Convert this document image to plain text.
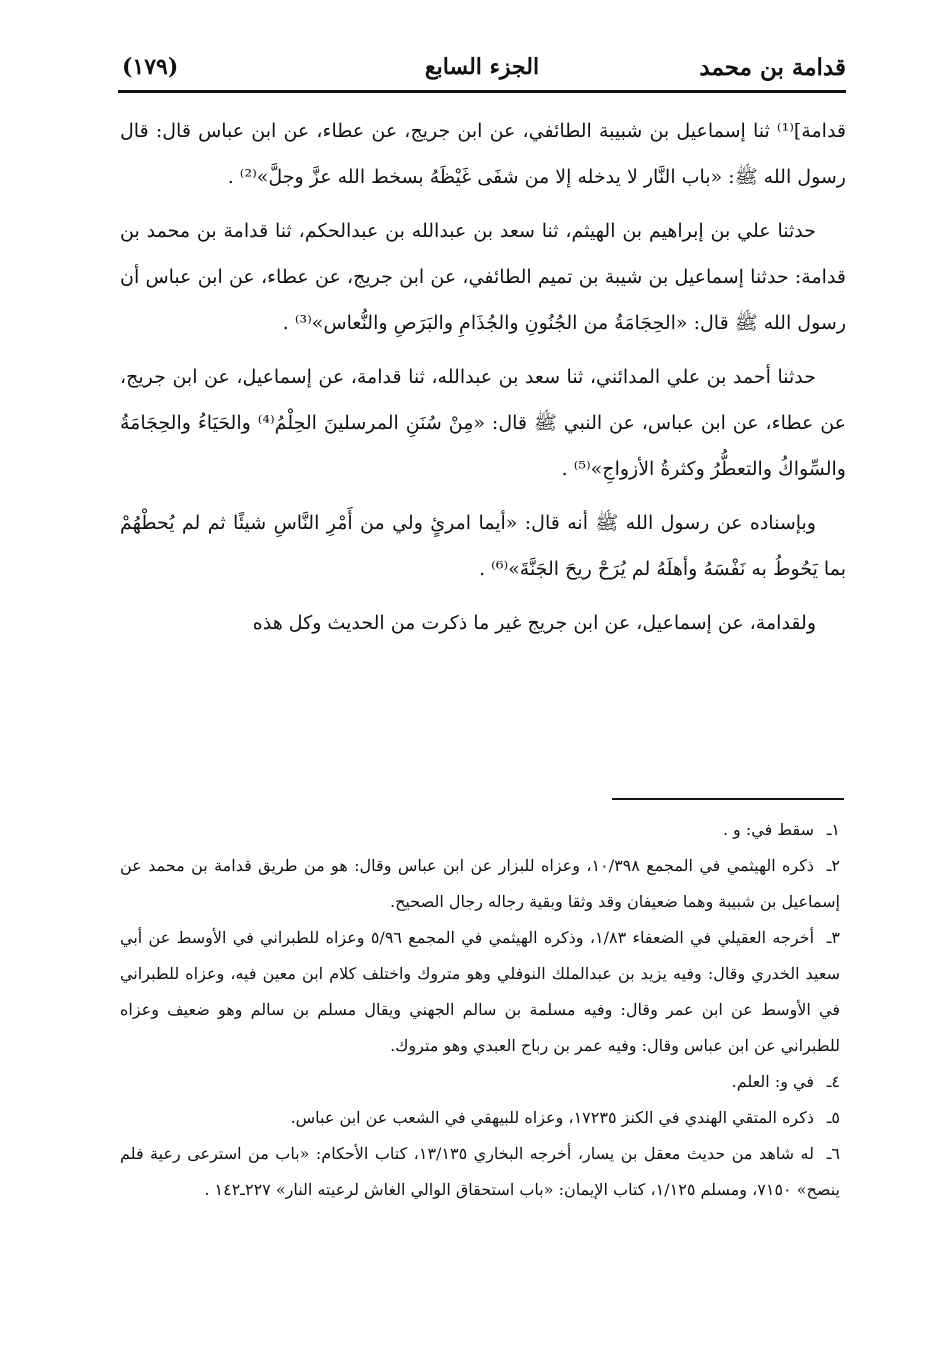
قدامة بن محمد
الجزء السابع
(١٧٩)

قدامة]⁽¹⁾ ثنا إسماعيل بن شبيبة الطائفي، عن ابن جريج، عن عطاء، عن ابن عباس قال: قال رسول الله ﷺ: «باب النَّار لا يدخله إلا من شفَى غَيْظَهُ بسخط الله عزَّ وجلَّ»⁽²⁾ .

حدثنا علي بن إبراهيم بن الهيثم، ثنا سعد بن عبدالله بن عبدالحكم، ثنا قدامة بن محمد بن قدامة: حدثنا إسماعيل بن شيبة بن تميم الطائفي، عن ابن جريج، عن عطاء، عن ابن عباس أن رسول الله ﷺ قال: «الحِجَامَةُ من الجُنُونِ والجُذَامِ والبَرَصِ والنُّعاس»⁽³⁾ .

حدثنا أحمد بن علي المدائني، ثنا سعد بن عبدالله، ثنا قدامة، عن إسماعيل، عن ابن جريج، عن عطاء، عن ابن عباس، عن النبي ﷺ قال: «مِنْ سُنَنِ المرسلينَ الحِلْمُ⁽⁴⁾ والحَيَاءُ والحِجَامَةُ والسِّواكُ والتعطُّرُ وكثرةُ الأزواجِ»⁽⁵⁾ .

وبإسناده عن رسول الله ﷺ أنه قال: «أيما امرئٍ ولي من أَمْرِ النَّاسِ شيئًا ثم لم يُحطْهُمْ بما يَحُوطُ به نَفْسَهُ وأهلَهُ لم يُرَحْ ريحَ الجَنَّةَ»⁽⁶⁾ .

ولقدامة، عن إسماعيل، عن ابن جريج غير ما ذكرت من الحديث وكل هذه

١ـسقط في: و .

٢ـذكره الهيثمي في المجمع ١٠/٣٩٨، وعزاه للبزار عن ابن عباس وقال: هو من طريق قدامة بن محمد عن إسماعيل بن شبيبة وهما ضعيفان وقد وثقا وبقية رجاله رجال الصحيح.

٣ـأخرجه العقيلي في الضعفاء ١/٨٣، وذكره الهيثمي في المجمع ٥/٩٦ وعزاه للطبراني في الأوسط عن أبي سعيد الخدري وقال: وفيه يزيد بن عبدالملك النوفلي وهو متروك واختلف كلام ابن معين فيه، وعزاه للطبراني في الأوسط عن ابن عمر وقال: وفيه مسلمة بن سالم الجهني ويقال مسلم بن سالم وهو ضعيف وعزاه للطبراني عن ابن عباس وقال: وفيه عمر بن رباح العبدي وهو متروك.

٤ـفي و: العلم.

٥ـذكره المتقي الهندي في الكنز ١٧٢٣٥، وعزاه للبيهقي في الشعب عن ابن عباس.

٦ـله شاهد من حديث معقل بن يسار، أخرجه البخاري ١٣/١٣٥، كتاب الأحكام: «باب من استرعى رعية فلم ينصح» ٧١٥٠، ومسلم ١/١٢٥، كتاب الإيمان: «باب استحقاق الوالي الغاش لرعيته النار» ٢٢٧ـ١٤٢ .
